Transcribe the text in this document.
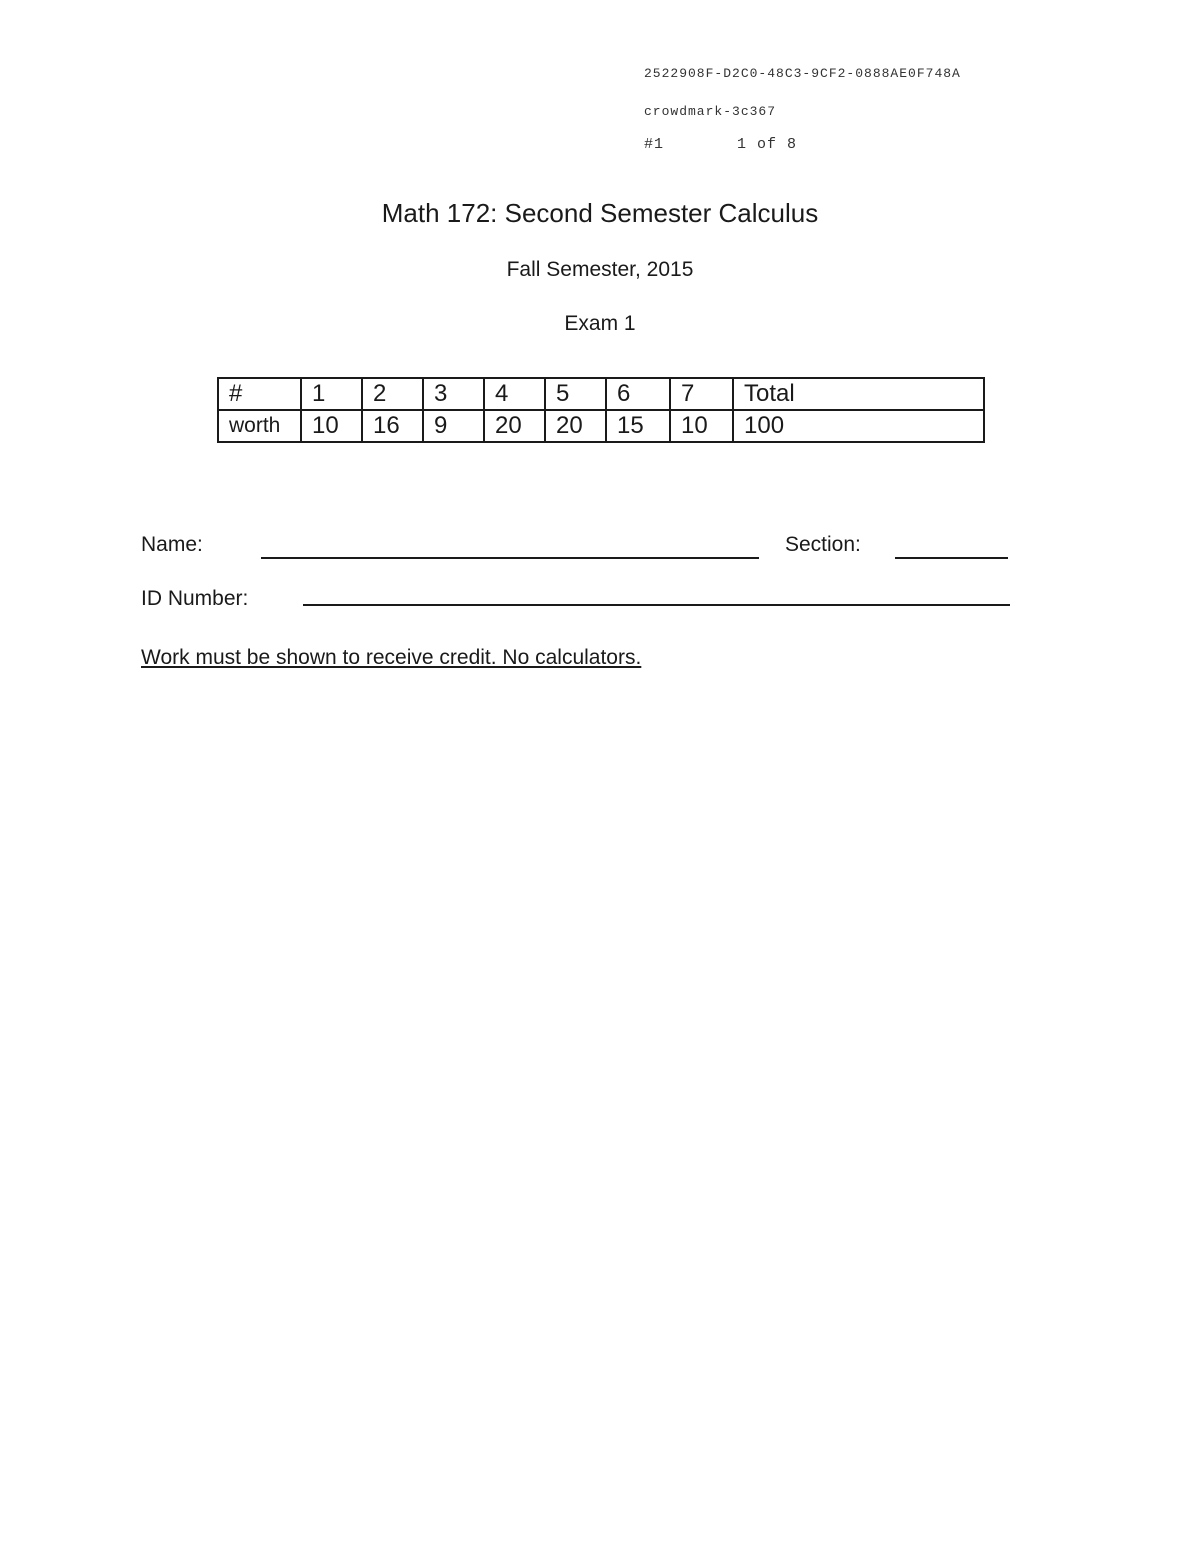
2522908F-D2C0-48C3-9CF2-0888AE0F748A
crowdmark-3c367
#1	1 of 8
Math 172: Second Semester Calculus
Fall Semester, 2015
Exam 1
#	1	2	3	4	5	6	7	Total
worth	10	16	9	20	20	15	10	100
Name:	Section:
ID Number:
Work must be shown to receive credit. No calculators.
